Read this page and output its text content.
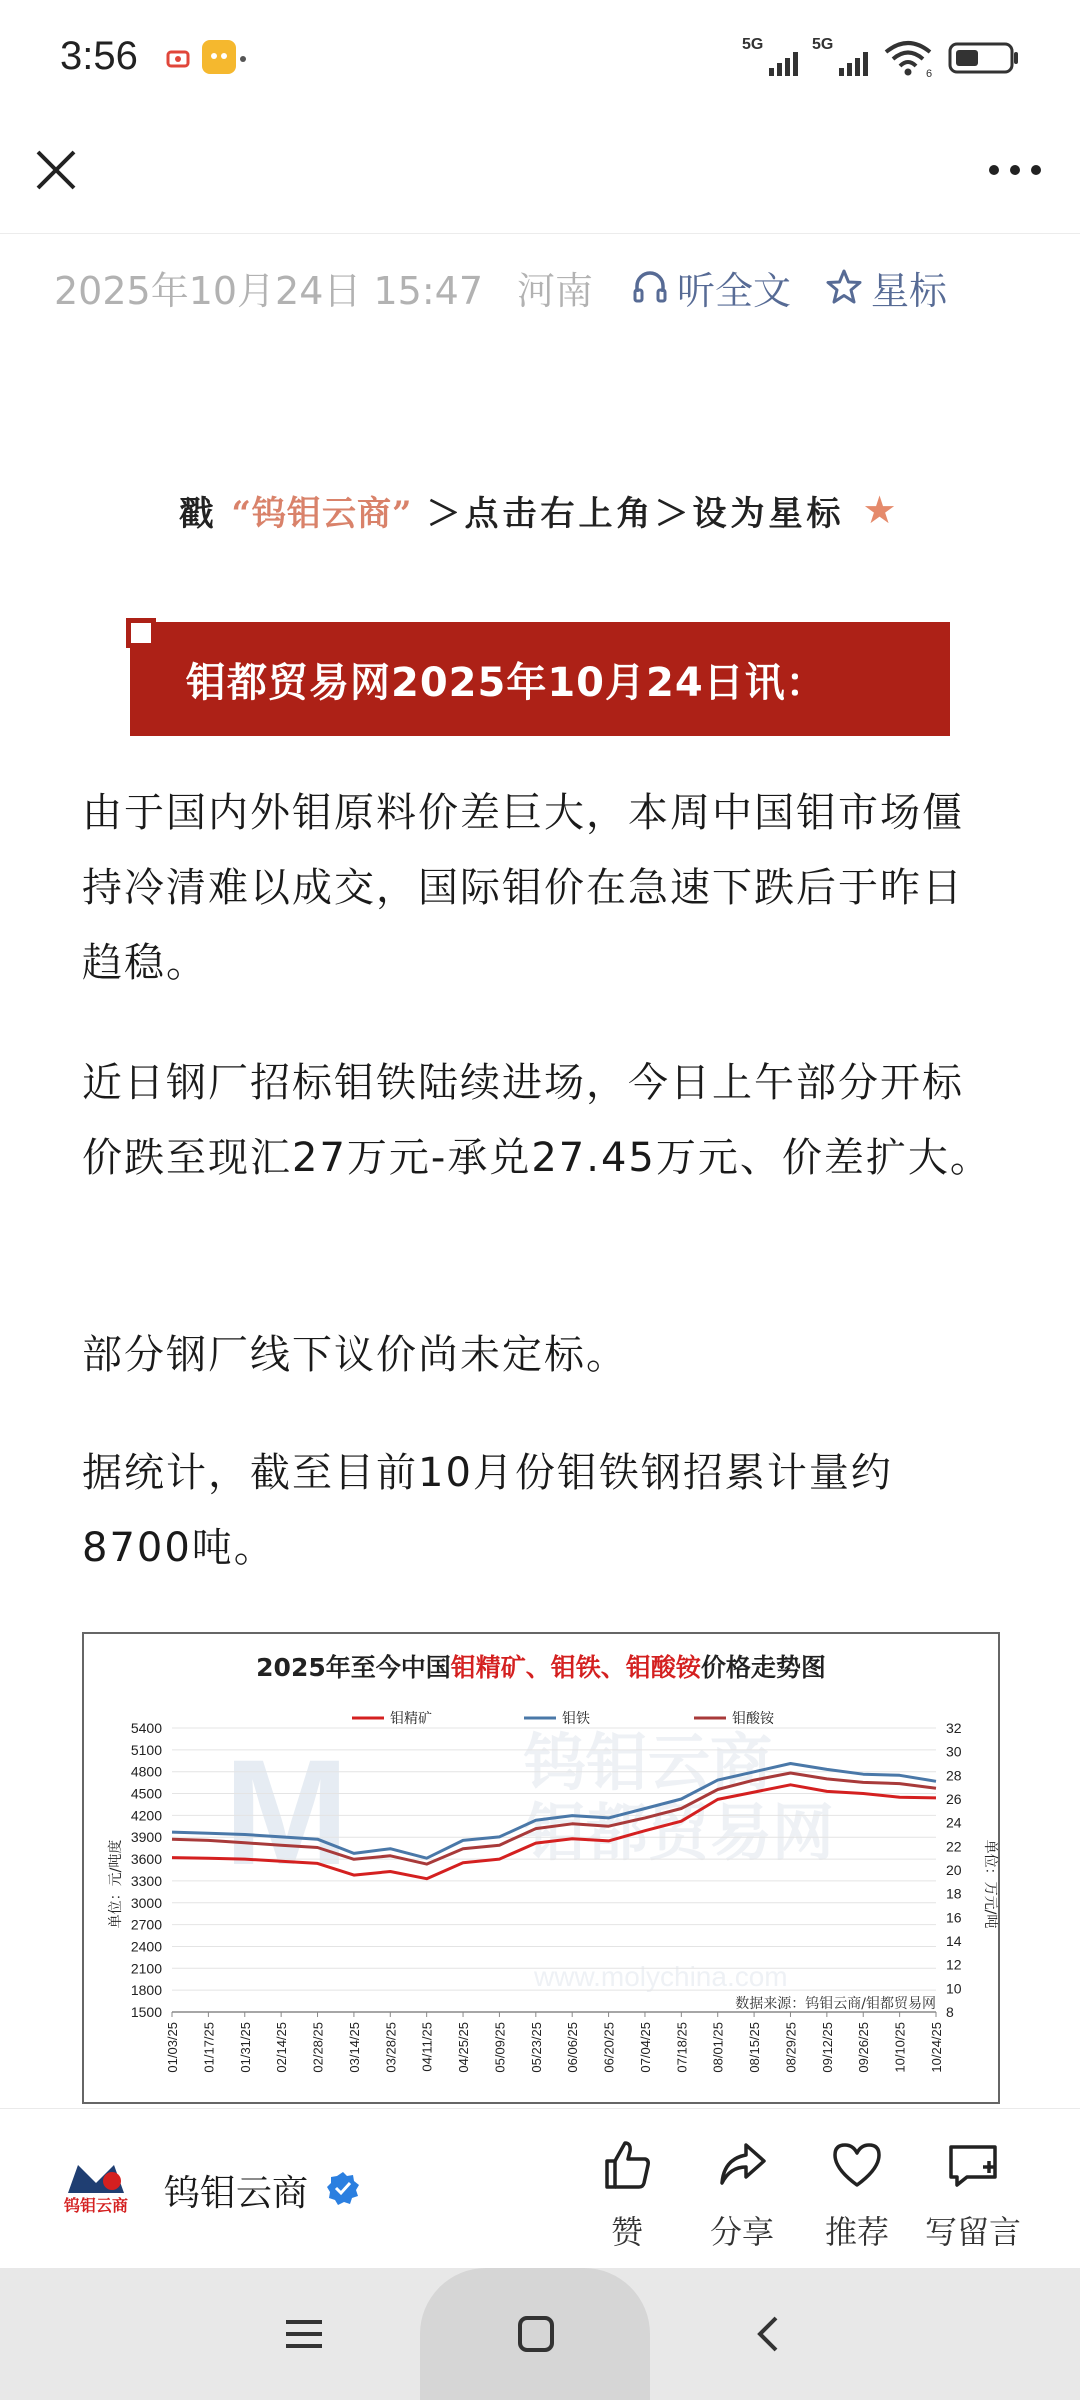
3:56	5G	5G
6
2025年10月24日 15:47 河南 听全文 星标
戳 “钨钼云商” ＞点击右上角＞设为星标 ★
钼都贸易网2025年10月24日讯：
由于国内外钼原料价差巨大，本周中国钼市场僵持冷清难以成交，国际钼价在急速下跌后于昨日趋稳。
近日钢厂招标钼铁陆续进场，今日上午部分开标价跌至现汇27万元-承兑27.45万元、价差扩大。
部分钢厂线下议价尚未定标。
据统计，截至目前10月份钼铁钢招累计量约8700吨。
M	钨钼云商
钼都贸易网
www.molychina.com
2025年至今中国钼精矿、钼铁、钼酸铵价格走势图
钼精矿	钼铁	钼酸铵
5400
5100
4800
4500
4200
3900
3600
3300
3000
2700
2400
2100
1800
1500
32
30
28
26
24
22
20
18
16
14
12
10
8
01/03/25 01/17/25 01/31/25 02/14/25 02/28/25 03/14/25 03/28/25 04/11/25 04/25/25 05/09/25 05/23/25 06/06/25 06/20/25 07/04/25 07/18/25 08/01/25 08/15/25 08/29/25 09/12/25 09/26/25 10/10/25 10/24/25
单位：元/吨度	单位：万元/吨
数据来源：钨钼云商/钼都贸易网
钨钼云商 钨钼云商
赞	分享	推荐	写留言
